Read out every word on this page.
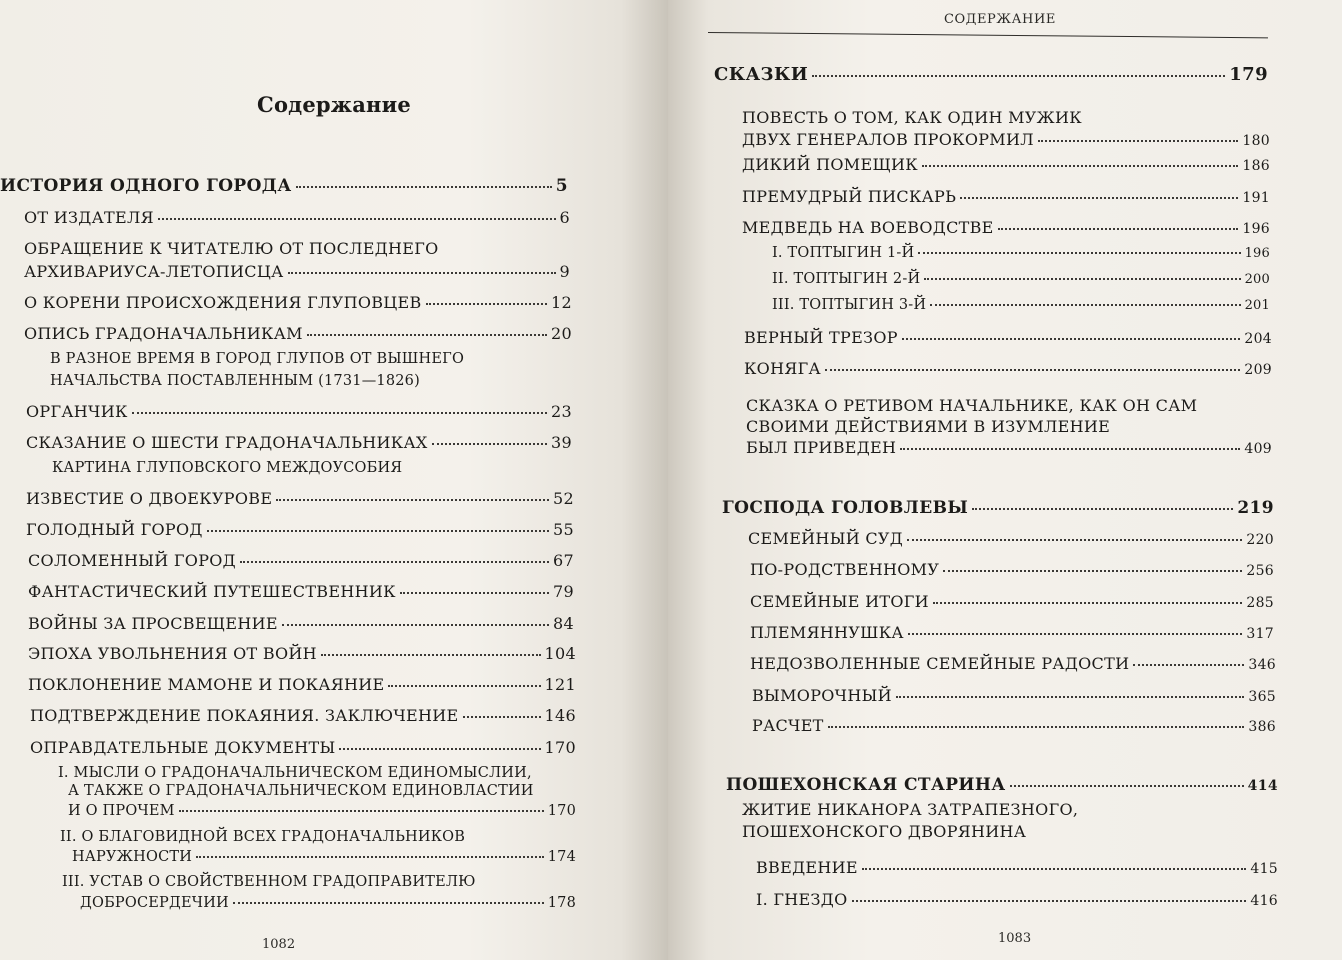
Содержание
ИСТОРИЯ ОДНОГО ГОРОДА	5
ОТ ИЗДАТЕЛЯ	6
ОБРАЩЕНИЕ К ЧИТАТЕЛЮ ОТ ПОСЛЕДНЕГО
АРХИВАРИУСА-ЛЕТОПИСЦА	9
О КОРЕНИ ПРОИСХОЖДЕНИЯ ГЛУПОВЦЕВ	12
ОПИСЬ ГРАДОНАЧАЛЬНИКАМ	20
В РАЗНОЕ ВРЕМЯ В ГОРОД ГЛУПОВ ОТ ВЫШНЕГО
НАЧАЛЬСТВА ПОСТАВЛЕННЫМ (1731—1826)
ОРГАНЧИК	23
СКАЗАНИЕ О ШЕСТИ ГРАДОНАЧАЛЬНИКАХ	39
КАРТИНА ГЛУПОВСКОГО МЕЖДОУСОБИЯ
ИЗВЕСТИЕ О ДВОЕКУРОВЕ	52
ГОЛОДНЫЙ ГОРОД	55
СОЛОМЕННЫЙ ГОРОД	67
ФАНТАСТИЧЕСКИЙ ПУТЕШЕСТВЕННИК	79
ВОЙНЫ ЗА ПРОСВЕЩЕНИЕ	84
ЭПОХА УВОЛЬНЕНИЯ ОТ ВОЙН	104
ПОКЛОНЕНИЕ МАМОНЕ И ПОКАЯНИЕ	121
ПОДТВЕРЖДЕНИЕ ПОКАЯНИЯ. ЗАКЛЮЧЕНИЕ	146
ОПРАВДАТЕЛЬНЫЕ ДОКУМЕНТЫ	170
I. МЫСЛИ О ГРАДОНАЧАЛЬНИЧЕСКОМ ЕДИНОМЫСЛИИ,
А ТАКЖЕ О ГРАДОНАЧАЛЬНИЧЕСКОМ ЕДИНОВЛАСТИИ
И О ПРОЧЕМ	170
II. О БЛАГОВИДНОЙ ВСЕХ ГРАДОНАЧАЛЬНИКОВ
НАРУЖНОСТИ	174
III. УСТАВ О СВОЙСТВЕННОМ ГРАДОПРАВИТЕЛЮ
ДОБРОСЕРДЕЧИИ	178
1082
СОДЕРЖАНИЕ
СКАЗКИ	179
ПОВЕСТЬ О ТОМ, КАК ОДИН МУЖИК
ДВУХ ГЕНЕРАЛОВ ПРОКОРМИЛ	180
ДИКИЙ ПОМЕЩИК	186
ПРЕМУДРЫЙ ПИСКАРЬ	191
МЕДВЕДЬ НА ВОЕВОДСТВЕ	196
I. ТОПТЫГИН 1-Й	196
II. ТОПТЫГИН 2-Й	200
III. ТОПТЫГИН 3-Й	201
ВЕРНЫЙ ТРЕЗОР	204
КОНЯГА	209
СКАЗКА О РЕТИВОМ НАЧАЛЬНИКЕ, КАК ОН САМ
СВОИМИ ДЕЙСТВИЯМИ В ИЗУМЛЕНИЕ
БЫЛ ПРИВЕДЕН	409
ГОСПОДА ГОЛОВЛЕВЫ	219
СЕМЕЙНЫЙ СУД	220
ПО-РОДСТВЕННОМУ	256
СЕМЕЙНЫЕ ИТОГИ	285
ПЛЕМЯННУШКА	317
НЕДОЗВОЛЕННЫЕ СЕМЕЙНЫЕ РАДОСТИ	346
ВЫМОРОЧНЫЙ	365
РАСЧЕТ	386
ПОШЕХОНСКАЯ СТАРИНА	414
ЖИТИЕ НИКАНОРА ЗАТРАПЕЗНОГО,
ПОШЕХОНСКОГО ДВОРЯНИНА
ВВЕДЕНИЕ	415
I. ГНЕЗДО	416
1083
